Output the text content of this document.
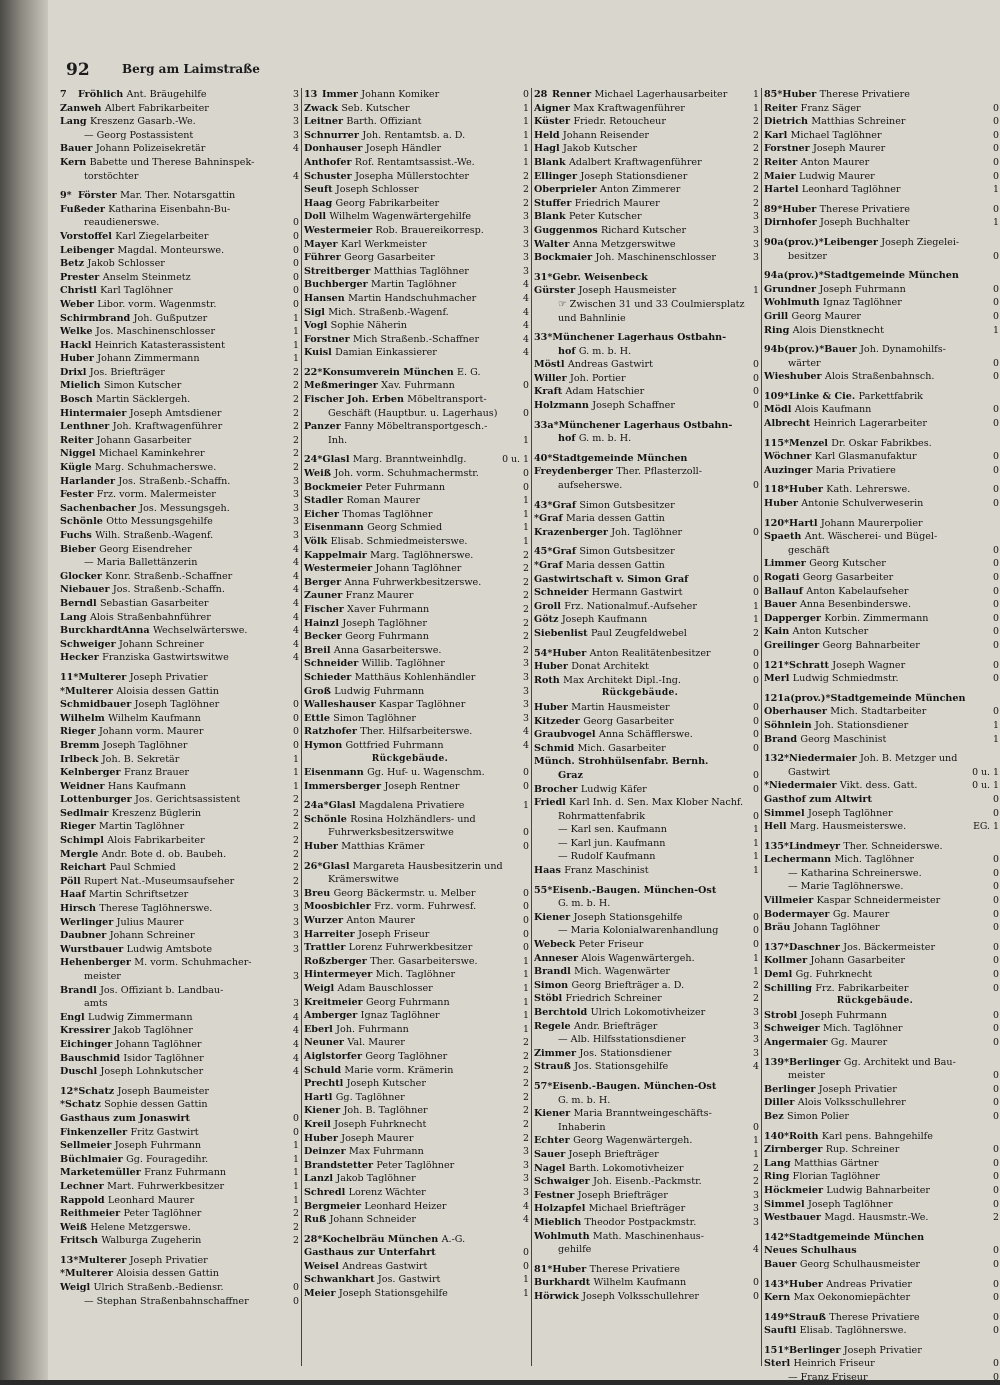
92	Berg am Laimstraße
7Fröhlich Ant. Bräugehilfe	3
Zanweh Albert Fabrikarbeiter	3
Lang Kreszenz Gasarb.-We.	3
— Georg Postassistent	3
Bauer Johann Polizeisekretär	4
Kern Babette und Therese Bahninspek-
torstöchter	4
9*Förster Mar. Ther. Notarsgattin
Fußeder Katharina Eisenbahn-Bu-
reaudienerswe.	0
Vorstoffel Karl Ziegelarbeiter	0
Leibenger Magdal. Monteurswe.	0
Betz Jakob Schlosser	0
Prester Anselm Steinmetz	0
Christl Karl Taglöhner	0
Weber Libor. vorm. Wagenmstr.	0
Schirmbrand Joh. Gußputzer	1
Welke Jos. Maschinenschlosser	1
Hackl Heinrich Katasterassistent	1
Huber Johann Zimmermann	1
Drixl Jos. Briefträger	2
Mielich Simon Kutscher	2
Bosch Martin Säcklergeh.	2
Hintermaier Joseph Amtsdiener	2
Lenthner Joh. Kraftwagenführer	2
Reiter Johann Gasarbeiter	2
Niggel Michael Kaminkehrer	2
Kügle Marg. Schuhmacherswe.	2
Harlander Jos. Straßenb.-Schaffn.	3
Fester Frz. vorm. Malermeister	3
Sachenbacher Jos. Messungsgeh.	3
Schönle Otto Messungsgehilfe	3
Fuchs Wilh. Straßenb.-Wagenf.	3
Bieber Georg Eisendreher	4
— Maria Ballettänzerin	4
Glocker Konr. Straßenb.-Schaffner	4
Niebauer Jos. Straßenb.-Schaffn.	4
Berndl Sebastian Gasarbeiter	4
Lang Alois Straßenbahnführer	4
BurckhardtAnna Wechselwärterswe.	4
Schweiger Johann Schreiner	4
Hecker Franziska Gastwirtswitwe	4
11*Multerer Joseph Privatier
*Multerer Aloisia dessen Gattin
Schmidbauer Joseph Taglöhner	0
Wilhelm Wilhelm Kaufmann	0
Rieger Johann vorm. Maurer	0
Bremm Joseph Taglöhner	0
Irlbeck Joh. B. Sekretär	1
Kelnberger Franz Brauer	1
Weidner Hans Kaufmann	1
Lottenburger Jos. Gerichtsassistent	2
Sedlmair Kreszenz Büglerin	2
Rieger Martin Taglöhner	2
Schimpl Alois Fabrikarbeiter	2
Mergle Andr. Bote d. ob. Baubeh.	2
Reichart Paul Schmied	2
Pöll Rupert Nat.-Museumsaufseher	2
Haaf Martin Schriftsetzer	3
Hirsch Therese Taglöhnerswe.	3
Werlinger Julius Maurer	3
Daubner Johann Schreiner	3
Wurstbauer Ludwig Amtsbote	3
Hehenberger M. vorm. Schuhmacher-
meister	3
Brandl Jos. Offiziant b. Landbau-
amts	3
Engl Ludwig Zimmermann	4
Kressirer Jakob Taglöhner	4
Eichinger Johann Taglöhner	4
Bauschmid Isidor Taglöhner	4
Duschl Joseph Lohnkutscher	4
12*Schatz Joseph Baumeister
*Schatz Sophie dessen Gattin
Gasthaus zum Jonaswirt	0
Finkenzeller Fritz Gastwirt	0
Sellmeier Joseph Fuhrmann	1
Büchlmaier Gg. Fouragedihr.	1
Marketemüller Franz Fuhrmann	1
Lechner Mart. Fuhrwerkbesitzer	1
Rappold Leonhard Maurer	1
Reithmeier Peter Taglöhner	2
Weiß Helene Metzgerswe.	2
Fritsch Walburga Zugeherin	2
13*Multerer Joseph Privatier
*Multerer Aloisia dessen Gattin
Weigl Ulrich Straßenb.-Bediensr.	0
— Stephan Straßenbahnschaffner	0
13Immer Johann Komiker	0
Zwack Seb. Kutscher	1
Leitner Barth. Offiziant	1
Schnurrer Joh. Rentamtsb. a. D.	1
Donhauser Joseph Händler	1
Anthofer Rof. Rentamtsassist.-We.	1
Schuster Josepha Müllerstochter	2
Seuft Joseph Schlosser	2
Haag Georg Fabrikarbeiter	2
Doll Wilhelm Wagenwärtergehilfe	3
Westermeier Rob. Brauereikorresp.	3
Mayer Karl Werkmeister	3
Führer Georg Gasarbeiter	3
Streitberger Matthias Taglöhner	3
Buchberger Martin Taglöhner	4
Hansen Martin Handschuhmacher	4
Sigl Mich. Straßenb.-Wagenf.	4
Vogl Sophie Näherin	4
Forstner Mich Straßenb.-Schaffner	4
Kuisl Damian Einkassierer	4
22*Konsumverein München E. G.
Meßmeringer Xav. Fuhrmann	0
Fischer Joh. Erben Möbeltransport-
Geschäft (Hauptbur. u. Lagerhaus)	0
Panzer Fanny Möbeltransportgesch.-
Inh.	1
24*Glasl Marg. Branntweinhdlg.	0 u. 1
Weiß Joh. vorm. Schuhmachermstr.	0
Bockmeier Peter Fuhrmann	0
Stadler Roman Maurer	1
Eicher Thomas Taglöhner	1
Eisenmann Georg Schmied	1
Völk Elisab. Schmiedmeisterswe.	1
Kappelmair Marg. Taglöhnerswe.	2
Westermeier Johann Taglöhner	2
Berger Anna Fuhrwerkbesitzerswe.	2
Zauner Franz Maurer	2
Fischer Xaver Fuhrmann	2
Hainzl Joseph Taglöhner	2
Becker Georg Fuhrmann	2
Breil Anna Gasarbeiterswe.	2
Schneider Willib. Taglöhner	3
Schieder Matthäus Kohlenhändler	3
Groß Ludwig Fuhrmann	3
Walleshauser Kaspar Taglöhner	3
Ettle Simon Taglöhner	3
Ratzhofer Ther. Hilfsarbeiterswe.	4
Hymon Gottfried Fuhrmann	4
Rückgebäude.
Eisenmann Gg. Huf- u. Wagenschm.	0
Immersberger Joseph Rentner	0
24a*Glasl Magdalena Privatiere	1
Schönle Rosina Holzhändlers- und
Fuhrwerksbesitzerswitwe	0
Huber Matthias Krämer	0
26*Glasl Margareta Hausbesitzerin und
Krämerswitwe
Breu Georg Bäckermstr. u. Melber	0
Moosbichler Frz. vorm. Fuhrwesf.	0
Wurzer Anton Maurer	0
Harreiter Joseph Friseur	0
Trattler Lorenz Fuhrwerkbesitzer	0
Roßzberger Ther. Gasarbeiterswe.	1
Hintermeyer Mich. Taglöhner	1
Weigl Adam Bauschlosser	1
Kreitmeier Georg Fuhrmann	1
Amberger Ignaz Taglöhner	1
Eberl Joh. Fuhrmann	1
Neuner Val. Maurer	2
Aiglstorfer Georg Taglöhner	2
Schuld Marie vorm. Krämerin	2
Prechtl Joseph Kutscher	2
Hartl Gg. Taglöhner	2
Kiener Joh. B. Taglöhner	2
Kreil Joseph Fuhrknecht	2
Huber Joseph Maurer	2
Deinzer Max Fuhrmann	3
Brandstetter Peter Taglöhner	3
Lanzl Jakob Taglöhner	3
Schredl Lorenz Wächter	3
Bergmeier Leonhard Heizer	4
Ruß Johann Schneider	4
28*Kochelbräu München A.-G.
Gasthaus zur Unterfahrt	0
Weisel Andreas Gastwirt	0
Schwankhart Jos. Gastwirt	1
Meier Joseph Stationsgehilfe	1
28Renner Michael Lagerhausarbeiter	1
Aigner Max Kraftwagenführer	1
Küster Friedr. Retoucheur	2
Held Johann Reisender	2
Hagl Jakob Kutscher	2
Blank Adalbert Kraftwagenführer	2
Ellinger Joseph Stationsdiener	2
Oberprieler Anton Zimmerer	2
Stuffer Friedrich Maurer	2
Blank Peter Kutscher	3
Guggenmos Richard Kutscher	3
Walter Anna Metzgerswitwe	3
Bockmaier Joh. Maschinenschlosser	3
31*Gebr. Weisenbeck
Gürster Joseph Hausmeister	1
☞ Zwischen 31 und 33 Coulmiersplatz
und Bahnlinie
33*Münchener Lagerhaus Ostbahn-
hof G. m. b. H.
Möstl Andreas Gastwirt	0
Willer Joh. Portier	0
Kraft Adam Hatschier	0
Holzmann Joseph Schaffner	0
33a*Münchener Lagerhaus Ostbahn-
hof G. m. b. H.
40*Stadtgemeinde München
Freydenberger Ther. Pflasterzoll-
aufseherswe.	0
43*Graf Simon Gutsbesitzer
*Graf Maria dessen Gattin
Krazenberger Joh. Taglöhner	0
45*Graf Simon Gutsbesitzer
*Graf Maria dessen Gattin
Gastwirtschaft v. Simon Graf	0
Schneider Hermann Gastwirt	0
Groll Frz. Nationalmuf.-Aufseher	1
Götz Joseph Kaufmann	1
Siebenlist Paul Zeugfeldwebel	2
54*Huber Anton Realitätenbesitzer	0
Huber Donat Architekt	0
Roth Max Architekt Dipl.-Ing.	0
Rückgebäude.
Huber Martin Hausmeister	0
Kitzeder Georg Gasarbeiter	0
Graubvogel Anna Schäfflerswe.	0
Schmid Mich. Gasarbeiter	0
Münch. Strohhülsenfabr. Bernh.
Graz	0
Brocher Ludwig Käfer	0
Friedl Karl Inh. d. Sen. Max Klober Nachf.
Rohrmattenfabrik	0
— Karl sen. Kaufmann	1
— Karl jun. Kaufmann	1
— Rudolf Kaufmann	1
Haas Franz Maschinist	1
55*Eisenb.-Baugen. München-Ost
G. m. b. H.
Kiener Joseph Stationsgehilfe	0
— Maria Kolonialwarenhandlung	0
Webeck Peter Friseur	0
Anneser Alois Wagenwärtergeh.	1
Brandl Mich. Wagenwärter	1
Simon Georg Briefträger a. D.	2
Stöbl Friedrich Schreiner	2
Berchtold Ulrich Lokomotivheizer	3
Regele Andr. Briefträger	3
— Alb. Hilfsstationsdiener	3
Zimmer Jos. Stationsdiener	3
Strauß Jos. Stationsgehilfe	4
57*Eisenb.-Baugen. München-Ost
G. m. b. H.
Kiener Maria Branntweingeschäfts-
Inhaberin	0
Echter Georg Wagenwärtergeh.	1
Sauer Joseph Briefträger	1
Nagel Barth. Lokomotivheizer	2
Schwaiger Joh. Eisenb.-Packmstr.	2
Festner Joseph Briefträger	3
Holzapfel Michael Briefträger	3
Mieblich Theodor Postpackmstr.	3
Wohlmuth Math. Maschinenhaus-
gehilfe	4
81*Huber Therese Privatiere
Burkhardt Wilhelm Kaufmann	0
Hörwick Joseph Volksschullehrer	0
85*Huber Therese Privatiere
Reiter Franz Säger	0
Dietrich Matthias Schreiner	0
Karl Michael Taglöhner	0
Forstner Joseph Maurer	0
Reiter Anton Maurer	0
Maier Ludwig Maurer	0
Hartel Leonhard Taglöhner	1
89*Huber Therese Privatiere	0
Dirnhofer Joseph Buchhalter	1
90a(prov.)*Leibenger Joseph Ziegelei-
besitzer	0
94a(prov.)*Stadtgemeinde München
Grundner Joseph Fuhrmann	0
Wohlmuth Ignaz Taglöhner	0
Grill Georg Maurer	0
Ring Alois Dienstknecht	1
94b(prov.)*Bauer Joh. Dynamohilfs-
wärter	0
Wieshuber Alois Straßenbahnsch.	0
109*Linke & Cie. Parkettfabrik
Mödl Alois Kaufmann	0
Albrecht Heinrich Lagerarbeiter	0
115*Menzel Dr. Oskar Fabrikbes.
Wöchner Karl Glasmanufaktur	0
Auzinger Maria Privatiere	0
118*Huber Kath. Lehrerswe.	0
Huber Antonie Schulverweserin	0
120*Hartl Johann Maurerpolier
Spaeth Ant. Wäscherei- und Bügel-
geschäft	0
Limmer Georg Kutscher	0
Rogati Georg Gasarbeiter	0
Ballauf Anton Kabelaufseher	0
Bauer Anna Besenbinderswe.	0
Dapperger Korbin. Zimmermann	0
Kain Anton Kutscher	0
Greilinger Georg Bahnarbeiter	0
121*Schratt Joseph Wagner	0
Merl Ludwig Schmiedmstr.	0
121a(prov.)*Stadtgemeinde München
Oberhauser Mich. Stadtarbeiter	0
Söhnlein Joh. Stationsdiener	1
Brand Georg Maschinist	1
132*Niedermaier Joh. B. Metzger und
Gastwirt	0 u. 1
*Niedermaier Vikt. dess. Gatt.	0 u. 1
Gasthof zum Altwirt	0
Simmel Joseph Taglöhner	0
Hell Marg. Hausmeisterswe.	EG. 1
135*Lindmeyr Ther. Schneiderswe.
Lechermann Mich. Taglöhner	0
— Katharina Schreinerswe.	0
— Marie Taglöhnerswe.	0
Villmeier Kaspar Schneidermeister	0
Bodermayer Gg. Maurer	0
Bräu Johann Taglöhner	0
137*Daschner Jos. Bäckermeister	0
Kollmer Johann Gasarbeiter	0
Deml Gg. Fuhrknecht	0
Schilling Frz. Fabrikarbeiter	0
Rückgebäude.
Strobl Joseph Fuhrmann	0
Schweiger Mich. Taglöhner	0
Angermaier Gg. Maurer	0
139*Berlinger Gg. Architekt und Bau-
meister	0
Berlinger Joseph Privatier	0
Diller Alois Volksschullehrer	0
Bez Simon Polier	0
140*Roith Karl pens. Bahngehilfe
Zirnberger Rup. Schreiner	0
Lang Matthias Gärtner	0
Ring Florian Taglöhner	0
Höckmeier Ludwig Bahnarbeiter	0
Simmel Joseph Taglöhner	0
Westbauer Magd. Hausmstr.-We.	2
142*Stadtgemeinde München
Neues Schulhaus	0
Bauer Georg Schulhausmeister	0
143*Huber Andreas Privatier	0
Kern Max Oekonomiepächter	0
149*Strauß Therese Privatiere	0
Sauftl Elisab. Taglöhnerswe.	0
151*Berlinger Joseph Privatier
Sterl Heinrich Friseur	0
— Franz Friseur	0
